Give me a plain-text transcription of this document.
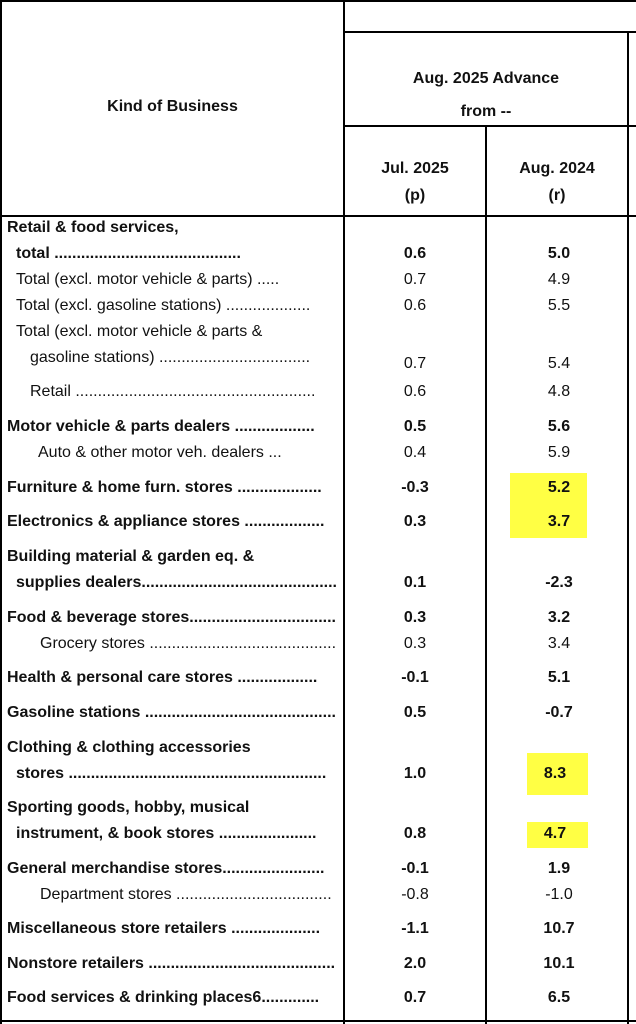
Kind of Business
Aug. 2025 Advance
from --
Jul. 2025
(p)
Aug. 2024
(r)
Retail & food services,
total ..........................................	0.6	5.0
Total (excl. motor vehicle & parts) .....	0.7	4.9
Total (excl. gasoline stations) ...................	0.6	5.5
Total (excl. motor vehicle & parts &
gasoline stations) ..................................	0.7	5.4
Retail ......................................................	0.6	4.8
Motor vehicle & parts dealers ..................	0.5	5.6
Auto & other motor veh. dealers ...	0.4	5.9
Furniture & home furn. stores ...................	-0.3	5.2
Electronics & appliance stores ..................	0.3	3.7
Building material & garden eq. &
supplies dealers............................................	0.1	-2.3
Food & beverage stores.................................	0.3	3.2
Grocery stores ..........................................	0.3	3.4
Health & personal care stores ..................	-0.1	5.1
Gasoline stations ...........................................	0.5	-0.7
Clothing & clothing accessories
stores ..........................................................	1.0	8.3
Sporting goods, hobby, musical
instrument, & book stores ......................	0.8	4.7
General merchandise stores.......................	-0.1	1.9
Department stores ...................................	-0.8	-1.0
Miscellaneous store retailers ....................	-1.1	10.7
Nonstore retailers ..........................................	2.0	10.1
Food services & drinking places6.............	0.7	6.5
